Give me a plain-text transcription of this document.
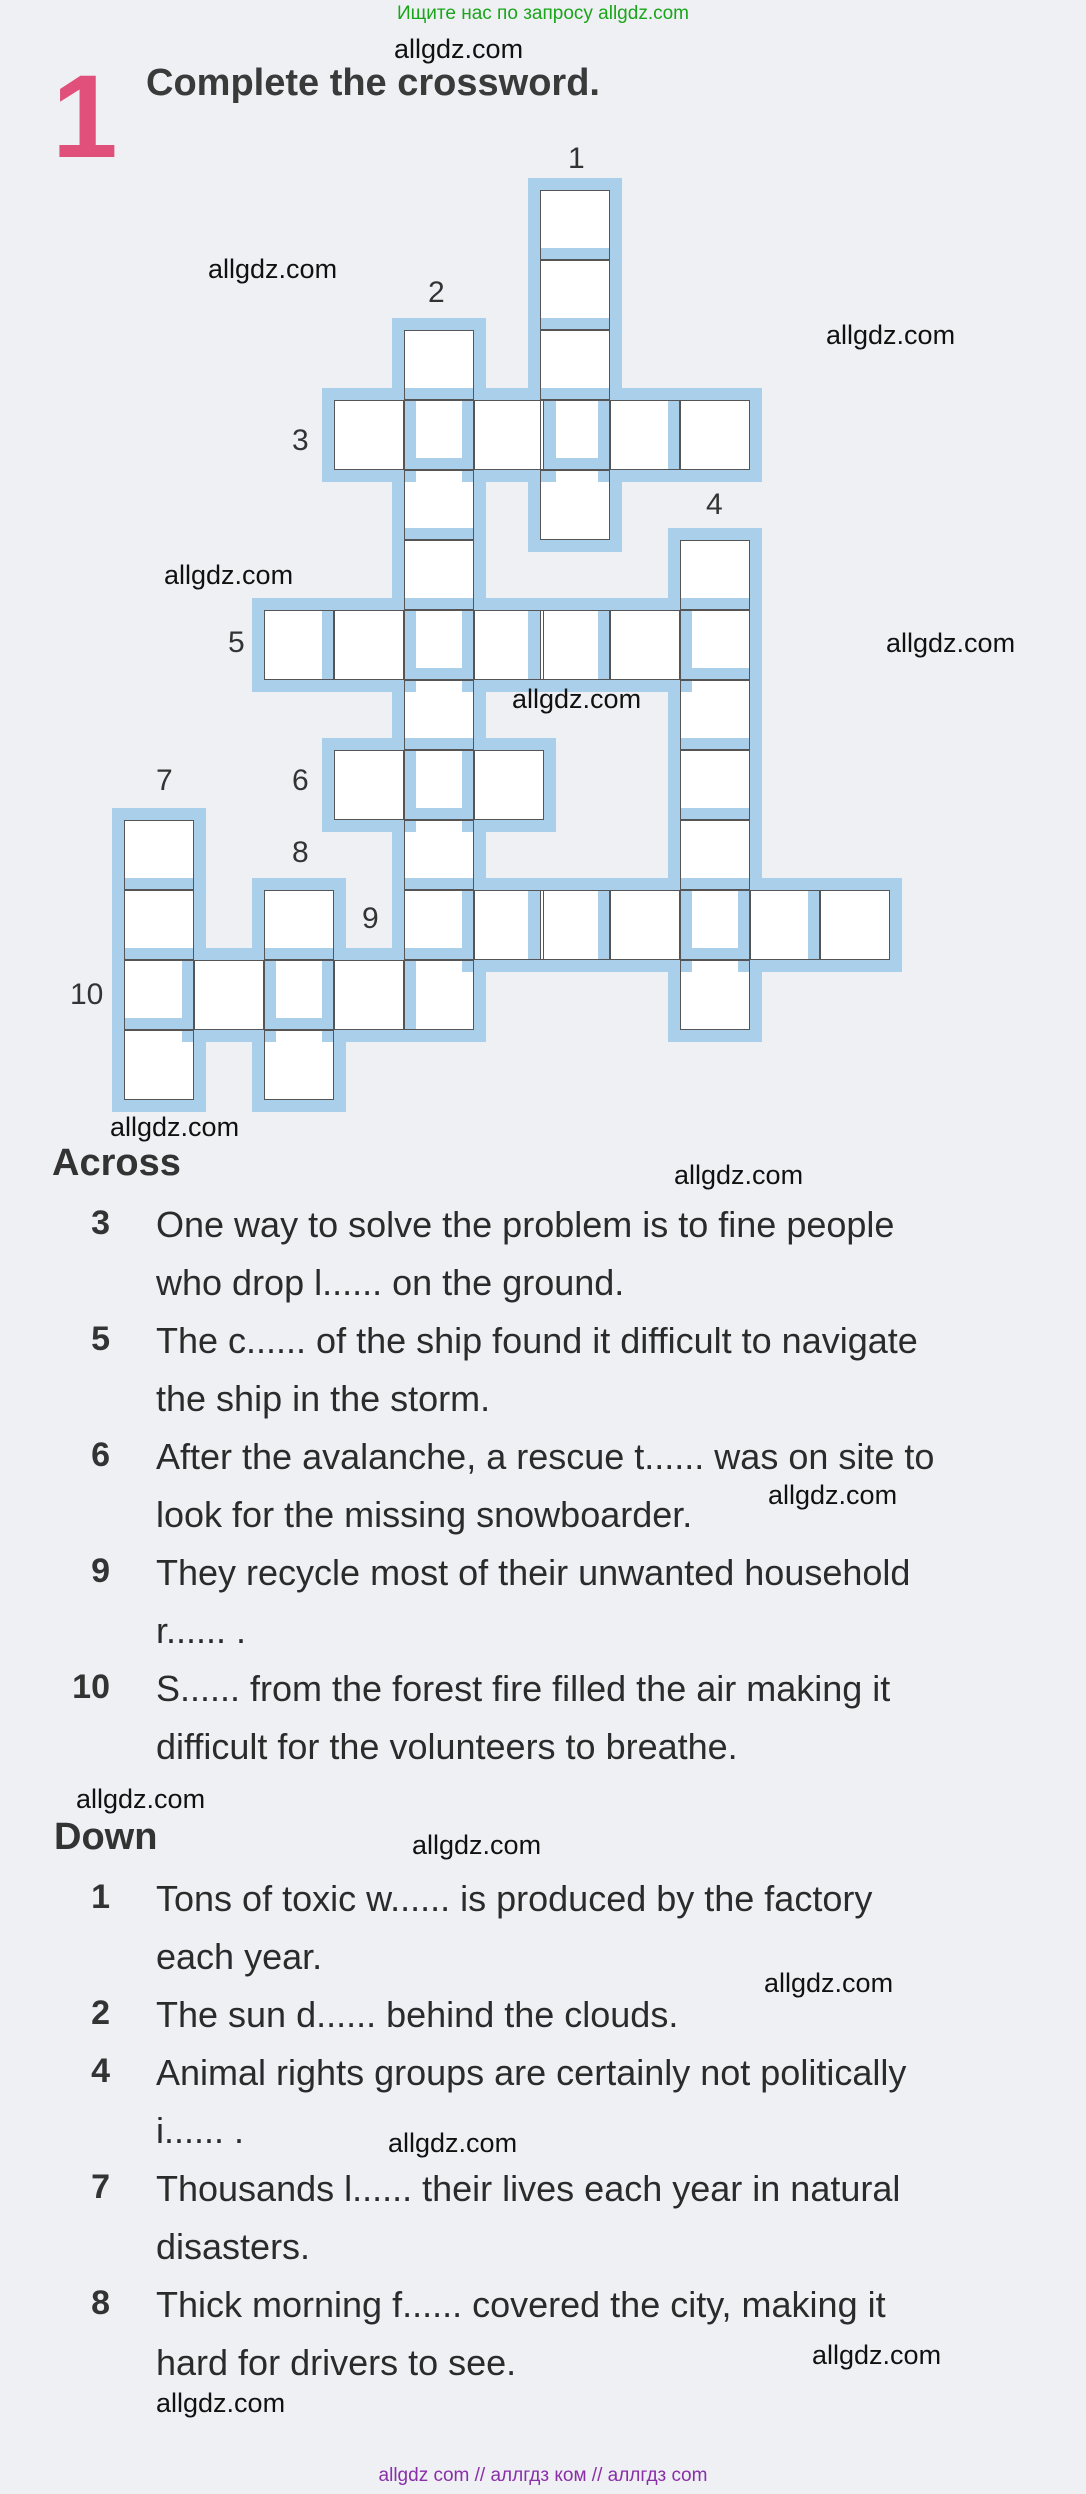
Ищите нас по запросу allgdz.com
1 Complete the crossword.
1
2
3
4
5
6
7
8
9
10
Across
3 One way to solve the problem is to fine people
who drop l...... on the ground.
5 The c...... of the ship found it difficult to navigate
the ship in the storm.
6 After the avalanche, a rescue t...... was on site to
look for the missing snowboarder.
9 They recycle most of their unwanted household
r...... .
10 S...... from the forest fire filled the air making it
difficult for the volunteers to breathe.
Down
1 Tons of toxic w...... is produced by the factory
each year.
2 The sun d...... behind the clouds.
4 Animal rights groups are certainly not politically
i...... .
7 Thousands l...... their lives each year in natural
disasters.
8 Thick morning f...... covered the city, making it
hard for drivers to see.
allgdz.com
allgdz.com
allgdz.com
allgdz.com
allgdz.com
allgdz.com
allgdz.com
allgdz.com
allgdz.com
allgdz.com
allgdz.com
allgdz.com
allgdz.com
allgdz.com
allgdz.com
allgdz com // аллгдз ком // аллгдз com
